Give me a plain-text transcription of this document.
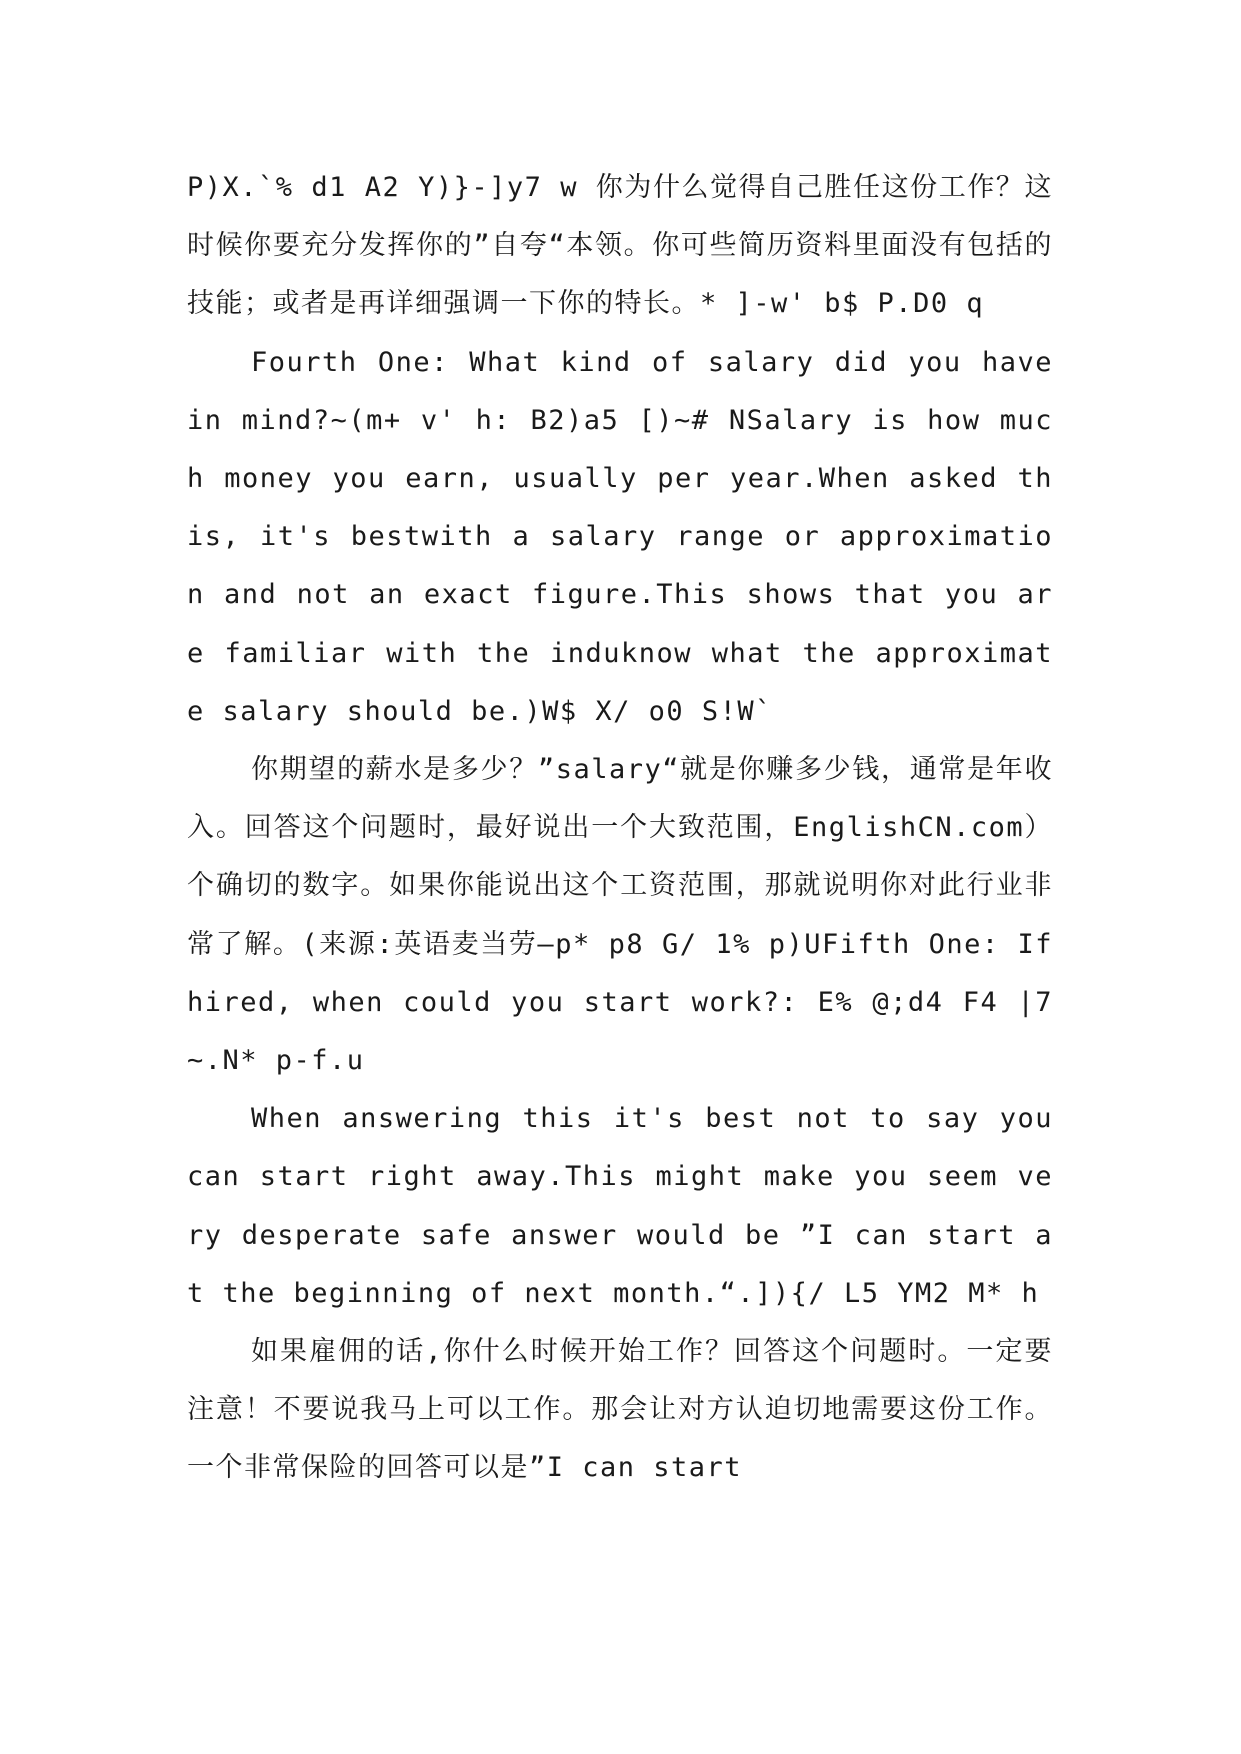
P)X.`% d1 A2 Y)}-]y7 w 你为什么觉得自己胜任这份工作？这时候你要充分发挥你的”自夸“本领。你可些简历资料里面没有包括的技能；或者是再详细强调一下你的特长。* ]-w' b$ P.D0 q

Fourth One: What kind of salary did you have in mind?~(m+ v' h: B2)a5 [)~# NSalary is how much money you earn, usually per year.When asked this, it's bestwith a salary range or approximation and not an exact figure.This shows that you are familiar with the induknow what the approximate salary should be.)W$ X/ o0 S!W`

你期望的薪水是多少？”salary“就是你赚多少钱，通常是年收入。回答这个问题时，最好说出一个大致范围，EnglishCN.com）个确切的数字。如果你能说出这个工资范围，那就说明你对此行业非常了解。(来源:英语麦当劳—p* p8 G/ 1% p)UFifth One: If hired, when could you start work?: E% @;d4 F4 |7 ~.N* p-f.u

When answering this it's best not to say you can start right away.This might make you seem very desperate safe answer would be ”I can start at the beginning of next month.“.]){/ L5 YM2 M* h

如果雇佣的话,你什么时候开始工作？回答这个问题时。一定要注意！不要说我马上可以工作。那会让对方认迫切地需要这份工作。一个非常保险的回答可以是”I can start
